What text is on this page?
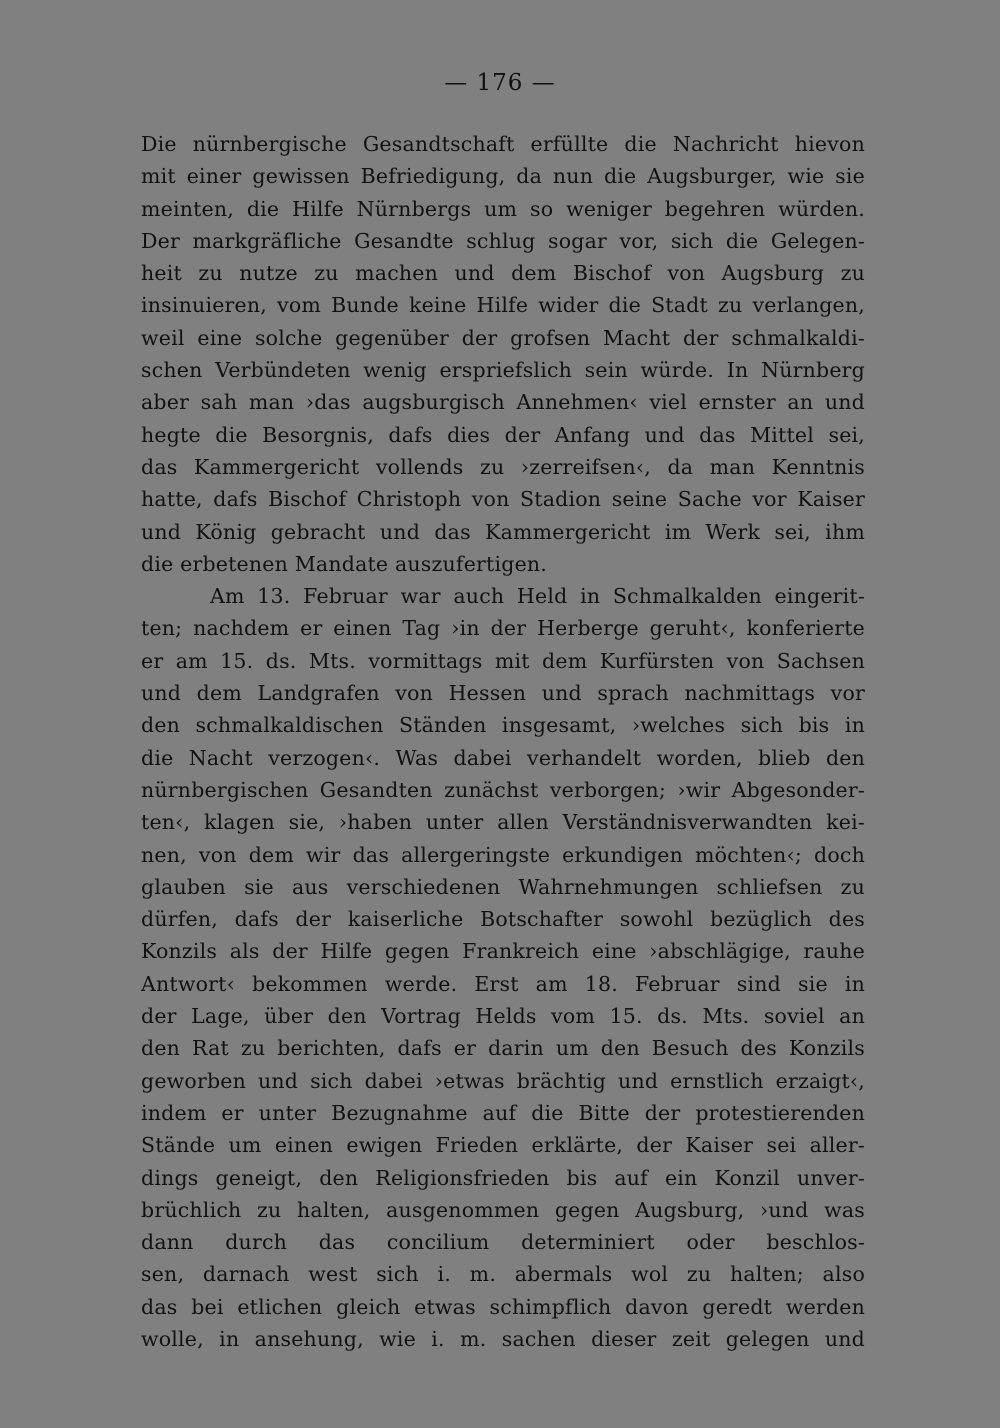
— 176 —
Die nürnbergische Gesandtschaft erfüllte die Nachricht hievon
mit einer gewissen Befriedigung, da nun die Augsburger, wie sie
meinten, die Hilfe Nürnbergs um so weniger begehren würden.
Der markgräfliche Gesandte schlug sogar vor, sich die Gelegen-
heit zu nutze zu machen und dem Bischof von Augsburg zu
insinuieren, vom Bunde keine Hilfe wider die Stadt zu verlangen,
weil eine solche gegenüber der grofsen Macht der schmalkaldi-
schen Verbündeten wenig erspriefslich sein würde. In Nürnberg
aber sah man ›das augsburgisch Annehmen‹ viel ernster an und
hegte die Besorgnis, dafs dies der Anfang und das Mittel sei,
das Kammergericht vollends zu ›zerreifsen‹, da man Kenntnis
hatte, dafs Bischof Christoph von Stadion seine Sache vor Kaiser
und König gebracht und das Kammergericht im Werk sei, ihm
die erbetenen Mandate auszufertigen.
Am 13. Februar war auch Held in Schmalkalden eingerit-
ten; nachdem er einen Tag ›in der Herberge geruht‹, konferierte
er am 15. ds. Mts. vormittags mit dem Kurfürsten von Sachsen
und dem Landgrafen von Hessen und sprach nachmittags vor
den schmalkaldischen Ständen insgesamt, ›welches sich bis in
die Nacht verzogen‹. Was dabei verhandelt worden, blieb den
nürnbergischen Gesandten zunächst verborgen; ›wir Abgesonder-
ten‹, klagen sie, ›haben unter allen Verständnisverwandten kei-
nen, von dem wir das allergeringste erkundigen möchten‹; doch
glauben sie aus verschiedenen Wahrnehmungen schliefsen zu
dürfen, dafs der kaiserliche Botschafter sowohl bezüglich des
Konzils als der Hilfe gegen Frankreich eine ›abschlägige, rauhe
Antwort‹ bekommen werde. Erst am 18. Februar sind sie in
der Lage, über den Vortrag Helds vom 15. ds. Mts. soviel an
den Rat zu berichten, dafs er darin um den Besuch des Konzils
geworben und sich dabei ›etwas brächtig und ernstlich erzaigt‹,
indem er unter Bezugnahme auf die Bitte der protestierenden
Stände um einen ewigen Frieden erklärte, der Kaiser sei aller-
dings geneigt, den Religionsfrieden bis auf ein Konzil unver-
brüchlich zu halten, ausgenommen gegen Augsburg, ›und was
dann durch das concilium determiniert oder beschlos-
sen, darnach west sich i. m. abermals wol zu halten; also
das bei etlichen gleich etwas schimpflich davon geredt werden
wolle, in ansehung, wie i. m. sachen dieser zeit gelegen und
